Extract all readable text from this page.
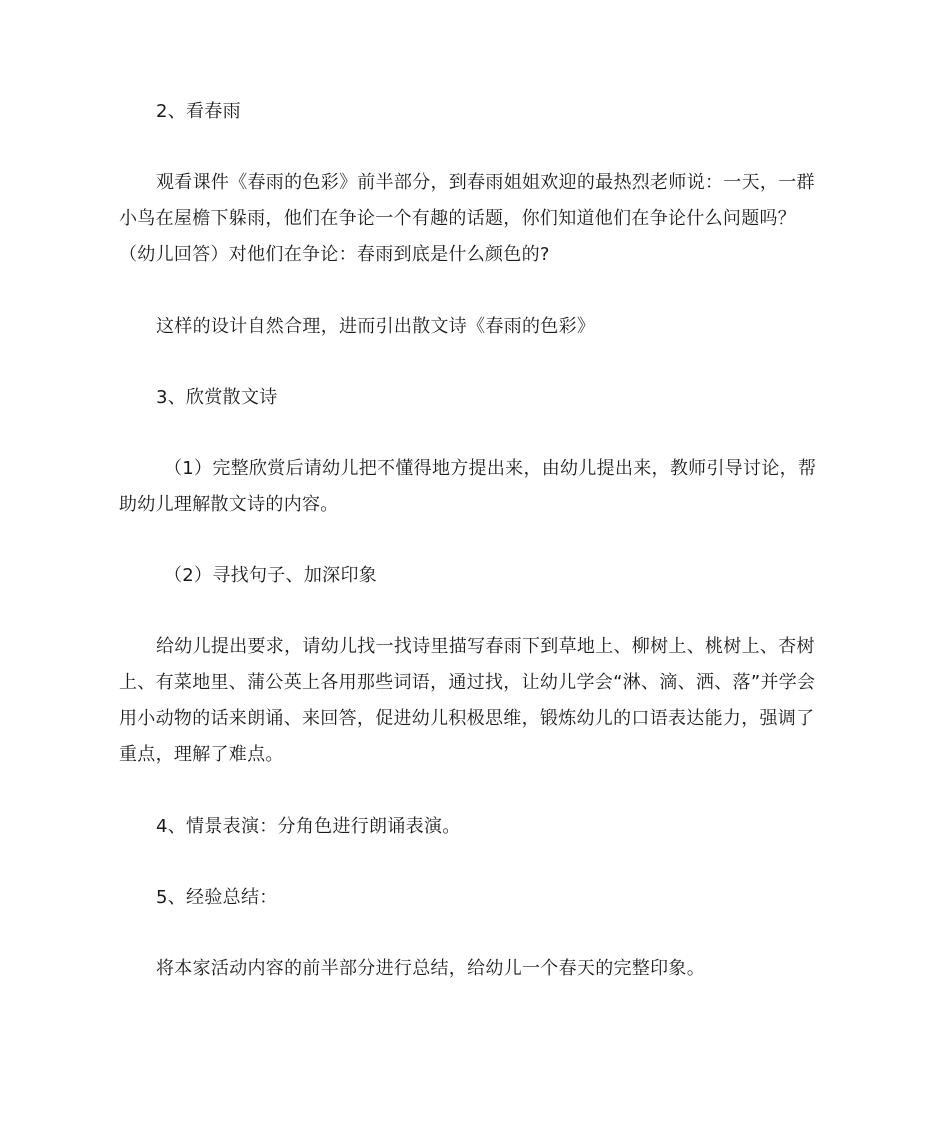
2、看春雨

观看课件《春雨的色彩》前半部分，到春雨姐姐欢迎的最热烈老师说：一天，一群小鸟在屋檐下躲雨，他们在争论一个有趣的话题，你们知道他们在争论什么问题吗？（幼儿回答）对他们在争论：春雨到底是什么颜色的?

这样的设计自然合理，进而引出散文诗《春雨的色彩》

3、欣赏散文诗

（1）完整欣赏后请幼儿把不懂得地方提出来，由幼儿提出来，教师引导讨论，帮助幼儿理解散文诗的内容。

（2）寻找句子、加深印象

给幼儿提出要求，请幼儿找一找诗里描写春雨下到草地上、柳树上、桃树上、杏树上、有菜地里、蒲公英上各用那些词语，通过找，让幼儿学会“淋、滴、洒、落”并学会用小动物的话来朗诵、来回答，促进幼儿积极思维，锻炼幼儿的口语表达能力，强调了重点，理解了难点。

4、情景表演：分角色进行朗诵表演。

5、经验总结：

将本家活动内容的前半部分进行总结，给幼儿一个春天的完整印象。
